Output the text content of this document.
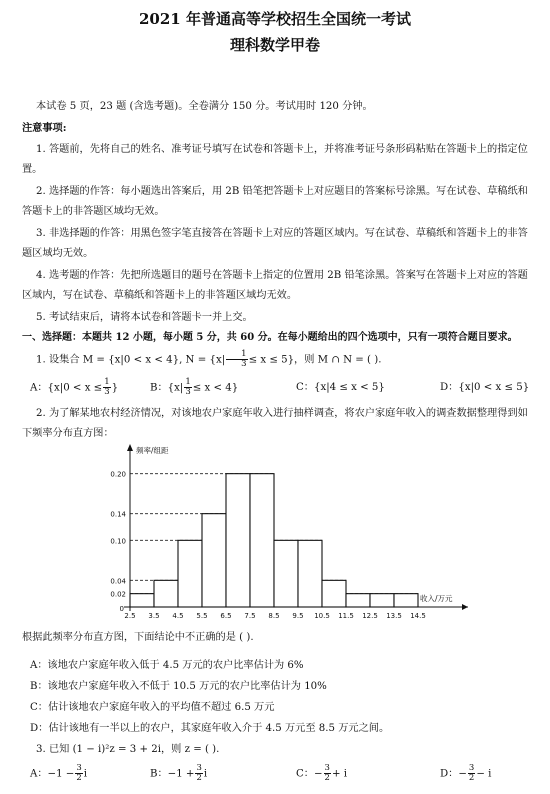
2021 年普通高等学校招生全国统一考试
理科数学甲卷
本试卷 5 页，23 题 (含选考题)。全卷满分 150 分。考试用时 120 分钟。
注意事项:
1. 答题前，先将自己的姓名、准考证号填写在试卷和答题卡上，并将准考证号条形码粘贴在答题卡上的指定位置。
2. 选择题的作答：每小题选出答案后，用 2B 铅笔把答题卡上对应题目的答案标号涂黑。写在试卷、草稿纸和答题卡上的非答题区域均无效。
3. 非选择题的作答：用黑色签字笔直接答在答题卡上对应的答题区域内。写在试卷、草稿纸和答题卡上的非答题区域均无效。
4. 选考题的作答：先把所选题目的题号在答题卡上指定的位置用 2B 铅笔涂黑。答案写在答题卡上对应的答题区域内，写在试卷、草稿纸和答题卡上的非答题区域均无效。
5. 考试结束后，请将本试卷和答题卡一并上交。
一、选择题：本题共 12 小题，每小题 5 分，共 60 分。在每小题给出的四个选项中，只有一项符合题目要求。
1. 设集合 M = {x|0 < x < 4}, $N = \{x| \frac{1}{3} \le x \le 5\}$，则 M ∩ N = ( ).
A：{$x|0 < x \le \frac{1}{3}$ }	B：$\{x| \frac{1}{3} \le x < 4\}$	C：{x|4 ≤ x < 5}	D：{x|0 < x ≤ 5}
2. 为了解某地农村经济情况，对该地农户家庭年收入进行抽样调查，将农户家庭年收入的调查数据整理得到如下频率分布直方图：
0.02
0.04
0.10
0.14
0.20
2.5 3.5 4.5 5.5 6.5 7.5 8.5 9.5 10.5 11.5 12.5 13.5 14.5
0
频率/组距
收入/万元
根据此频率分布直方图，下面结论中不正确的是 ( ).
A：该地农户家庭年收入低于 4.5 万元的农户比率估计为 6%
B：该地农户家庭年收入不低于 10.5 万元的农户比率估计为 10%
C：估计该地农户家庭年收入的平均值不超过 6.5 万元
D：估计该地有一半以上的农户，其家庭年收入介于 4.5 万元至 8.5 万元之间。
3. 已知 (1 − i)²z = 3 + 2i，则 z = ( ).
A：$-1 - \frac{3}{2}$ i	B：$-1 + \frac{3}{2}$ i	C：− $\frac{3}{2} + i$	D：− $\frac{3}{2} - i$
